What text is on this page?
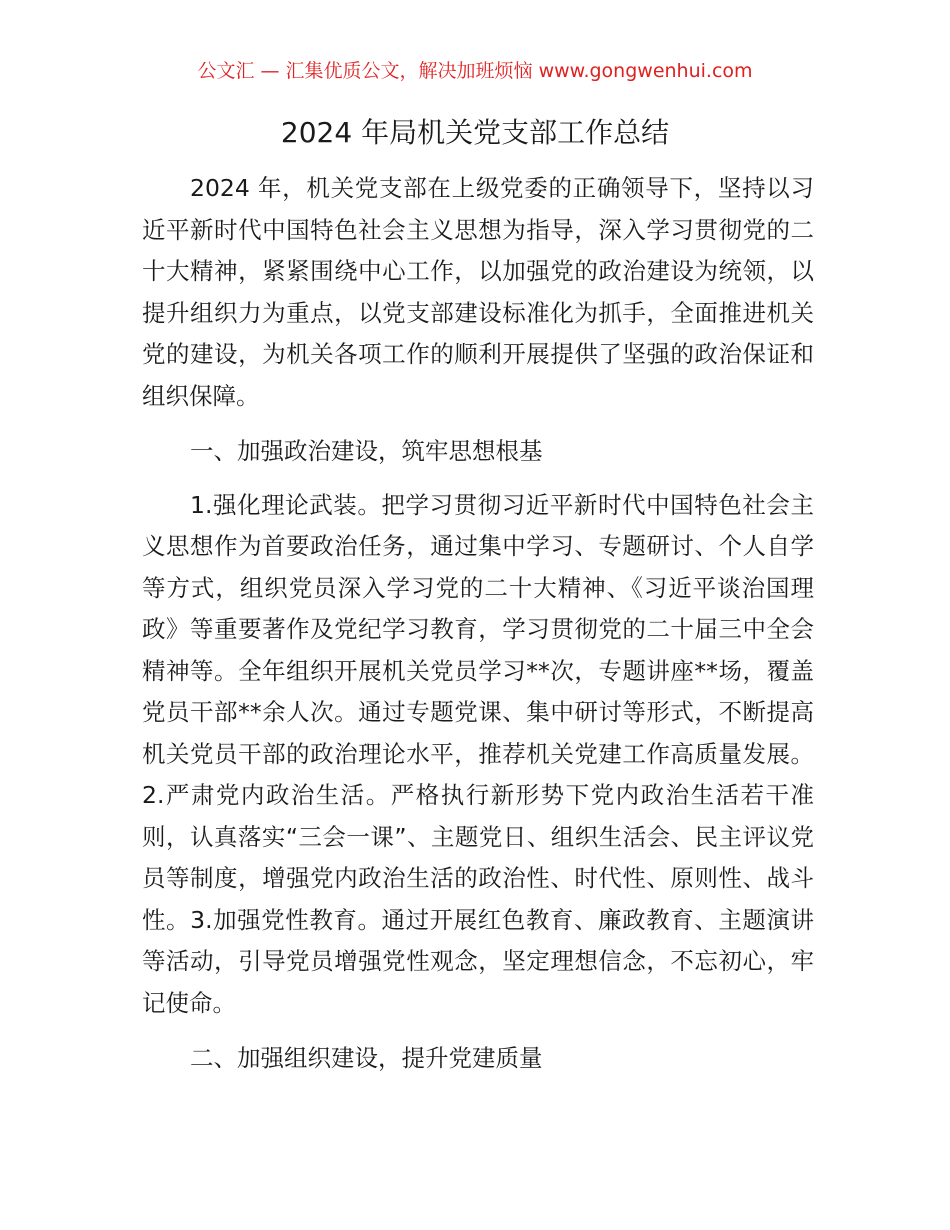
公文汇 — 汇集优质公文，解决加班烦恼 www.gongwenhui.com
2024 年局机关党支部工作总结

2024 年，机关党支部在上级党委的正确领导下，坚持以习近平新时代中国特色社会主义思想为指导，深入学习贯彻党的二十大精神，紧紧围绕中心工作，以加强党的政治建设为统领，以提升组织力为重点，以党支部建设标准化为抓手，全面推进机关党的建设，为机关各项工作的顺利开展提供了坚强的政治保证和组织保障。

一、加强政治建设，筑牢思想根基

1.强化理论武装。把学习贯彻习近平新时代中国特色社会主义思想作为首要政治任务，通过集中学习、专题研讨、个人自学等方式，组织党员深入学习党的二十大精神、《习近平谈治国理政》等重要著作及党纪学习教育，学习贯彻党的二十届三中全会精神等。全年组织开展机关党员学习**次，专题讲座**场，覆盖党员干部**余人次。通过专题党课、集中研讨等形式，不断提高机关党员干部的政治理论水平，推荐机关党建工作高质量发展。2.严肃党内政治生活。严格执行新形势下党内政治生活若干准则，认真落实“三会一课”、主题党日、组织生活会、民主评议党员等制度，增强党内政治生活的政治性、时代性、原则性、战斗性。3.加强党性教育。通过开展红色教育、廉政教育、主题演讲等活动，引导党员增强党性观念，坚定理想信念，不忘初心，牢记使命。

二、加强组织建设，提升党建质量
